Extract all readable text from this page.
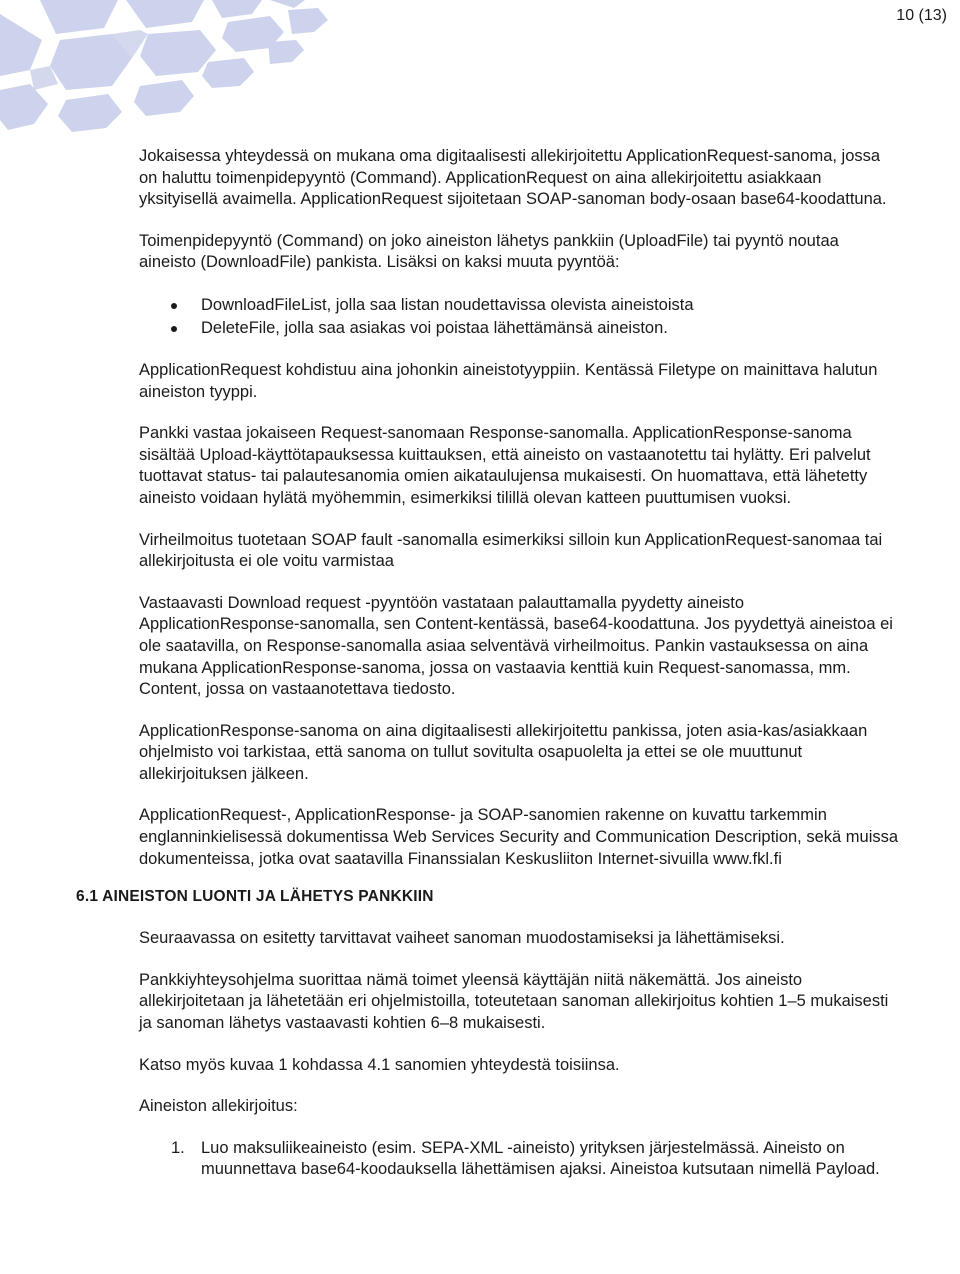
10 (13)

Jokaisessa yhteydessä on mukana oma digitaalisesti allekirjoitettu ApplicationRequest-sanoma, jossa on haluttu toimenpidepyyntö (Command). ApplicationRequest on aina allekirjoitettu asiakkaan yksityisellä avaimella. ApplicationRequest sijoitetaan SOAP-sanoman body-osaan base64-koodattuna.

Toimenpidepyyntö (Command) on joko aineiston lähetys pankkiin (UploadFile) tai pyyntö noutaa aineisto (DownloadFile) pankista. Lisäksi on kaksi muuta pyyntöä:

DownloadFileList, jolla saa listan noudettavissa olevista aineistoista
DeleteFile, jolla saa asiakas voi poistaa lähettämänsä aineiston.

ApplicationRequest kohdistuu aina johonkin aineistotyyppiin. Kentässä Filetype on mainittava halutun aineiston tyyppi.

Pankki vastaa jokaiseen Request-sanomaan Response-sanomalla. ApplicationResponse-sanoma sisältää Upload-käyttötapauksessa kuittauksen, että aineisto on vastaanotettu tai hylätty. Eri palvelut tuottavat status- tai palautesanomia omien aikataulujensa mukaisesti. On huomattava, että lähetetty aineisto voidaan hylätä myöhemmin, esimerkiksi tilillä olevan katteen puuttumisen vuoksi.

Virheilmoitus tuotetaan SOAP fault -sanomalla esimerkiksi silloin kun ApplicationRequest-sanomaa tai allekirjoitusta ei ole voitu varmistaa

Vastaavasti Download request -pyyntöön vastataan palauttamalla pyydetty aineisto ApplicationResponse-sanomalla, sen Content-kentässä, base64-koodattuna. Jos pyydettyä aineistoa ei ole saatavilla, on Response-sanomalla asiaa selventävä virheilmoitus. Pankin vastauksessa on aina mukana ApplicationResponse-sanoma, jossa on vastaavia kenttiä kuin Request-sanomassa, mm. Content, jossa on vastaanotettava tiedosto.

ApplicationResponse-sanoma on aina digitaalisesti allekirjoitettu pankissa, joten asia-kas/asiakkaan ohjelmisto voi tarkistaa, että sanoma on tullut sovitulta osapuolelta ja ettei se ole muuttunut allekirjoituksen jälkeen.

ApplicationRequest-, ApplicationResponse- ja SOAP-sanomien rakenne on kuvattu tarkemmin englanninkielisessä dokumentissa Web Services Security and Communication Description, sekä muissa dokumenteissa, jotka ovat saatavilla Finanssialan Keskusliiton Internet-sivuilla www.fkl.fi

6.1 AINEISTON LUONTI JA LÄHETYS PANKKIIN

Seuraavassa on esitetty tarvittavat vaiheet sanoman muodostamiseksi ja lähettämiseksi.

Pankkiyhteysohjelma suorittaa nämä toimet yleensä käyttäjän niitä näkemättä. Jos aineisto allekirjoitetaan ja lähetetään eri ohjelmistoilla, toteutetaan sanoman allekirjoitus kohtien 1–5 mukaisesti ja sanoman lähetys vastaavasti kohtien 6–8 mukaisesti.

Katso myös kuvaa 1 kohdassa 4.1 sanomien yhteydestä toisiinsa.

Aineiston allekirjoitus:

1. Luo maksuliikeaineisto (esim. SEPA-XML -aineisto) yrityksen järjestelmässä. Aineisto on muunnettava base64-koodauksella lähettämisen ajaksi. Aineistoa kutsutaan nimellä Payload.
